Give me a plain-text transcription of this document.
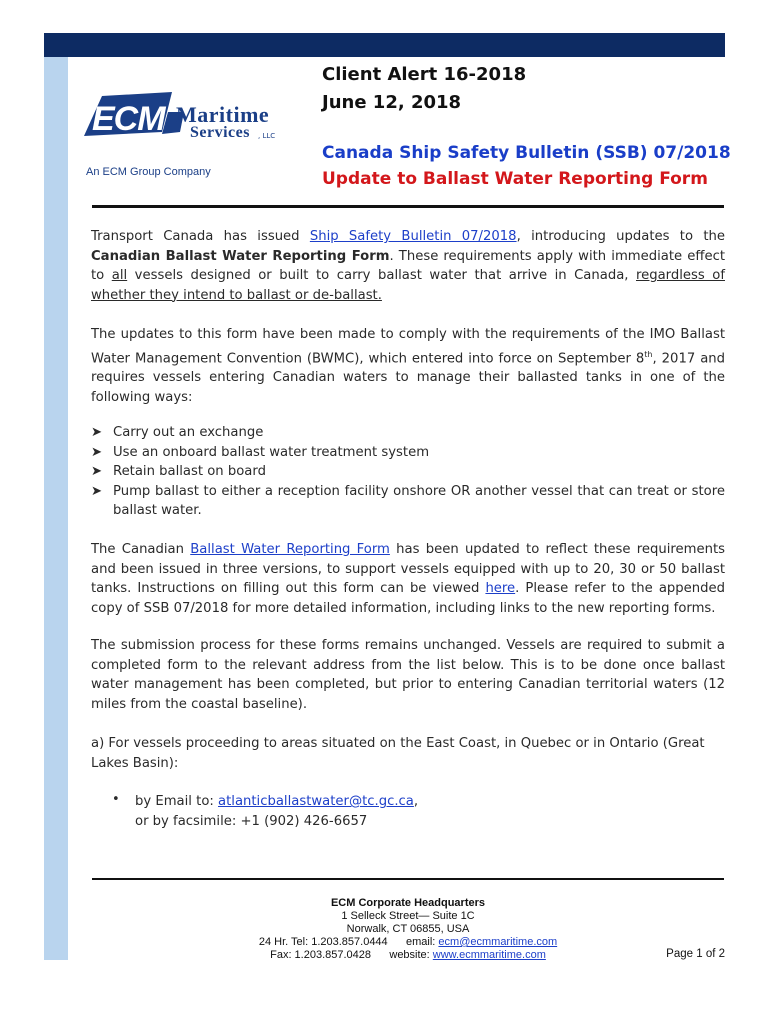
ECM Maritime
Services , LLC
An ECM Group Company
Client Alert 16-2018
June 12, 2018
Canada Ship Safety Bulletin (SSB) 07/2018
Update to Ballast Water Reporting Form
Transport Canada has issued Ship Safety Bulletin 07/2018, introducing updates to the Canadian Ballast Water Reporting Form. These requirements apply with immediate effect to all vessels designed or built to carry ballast water that arrive in Canada, regardless of whether they intend to ballast or de-ballast.
The updates to this form have been made to comply with the requirements of the IMO Ballast Water Management Convention (BWMC), which entered into force on September 8th, 2017 and requires vessels entering Canadian waters to manage their ballasted tanks in one of the following ways:
➤ Carry out an exchange
➤ Use an onboard ballast water treatment system
➤ Retain ballast on board
➤ Pump ballast to either a reception facility onshore OR another vessel that can treat or store ballast water.
The Canadian Ballast Water Reporting Form has been updated to reflect these requirements and been issued in three versions, to support vessels equipped with up to 20, 30 or 50 ballast tanks. Instructions on filling out this form can be viewed here. Please refer to the appended copy of SSB 07/2018 for more detailed information, including links to the new reporting forms.
The submission process for these forms remains unchanged. Vessels are required to submit a completed form to the relevant address from the list below. This is to be done once ballast water management has been completed, but prior to entering Canadian territorial waters (12 miles from the coastal baseline).
a) For vessels proceeding to areas situated on the East Coast, in Quebec or in Ontario (Great Lakes Basin):
• by Email to: atlanticballastwater@tc.gc.ca,
or by facsimile: +1 (902) 426-6657
ECM Corporate Headquarters
1 Selleck Street— Suite 1C
Norwalk, CT 06855, USA
24 Hr. Tel: 1.203.857.0444 email: ecm@ecmmaritime.com
Fax: 1.203.857.0428 website: www.ecmmaritime.com	Page 1 of 2
